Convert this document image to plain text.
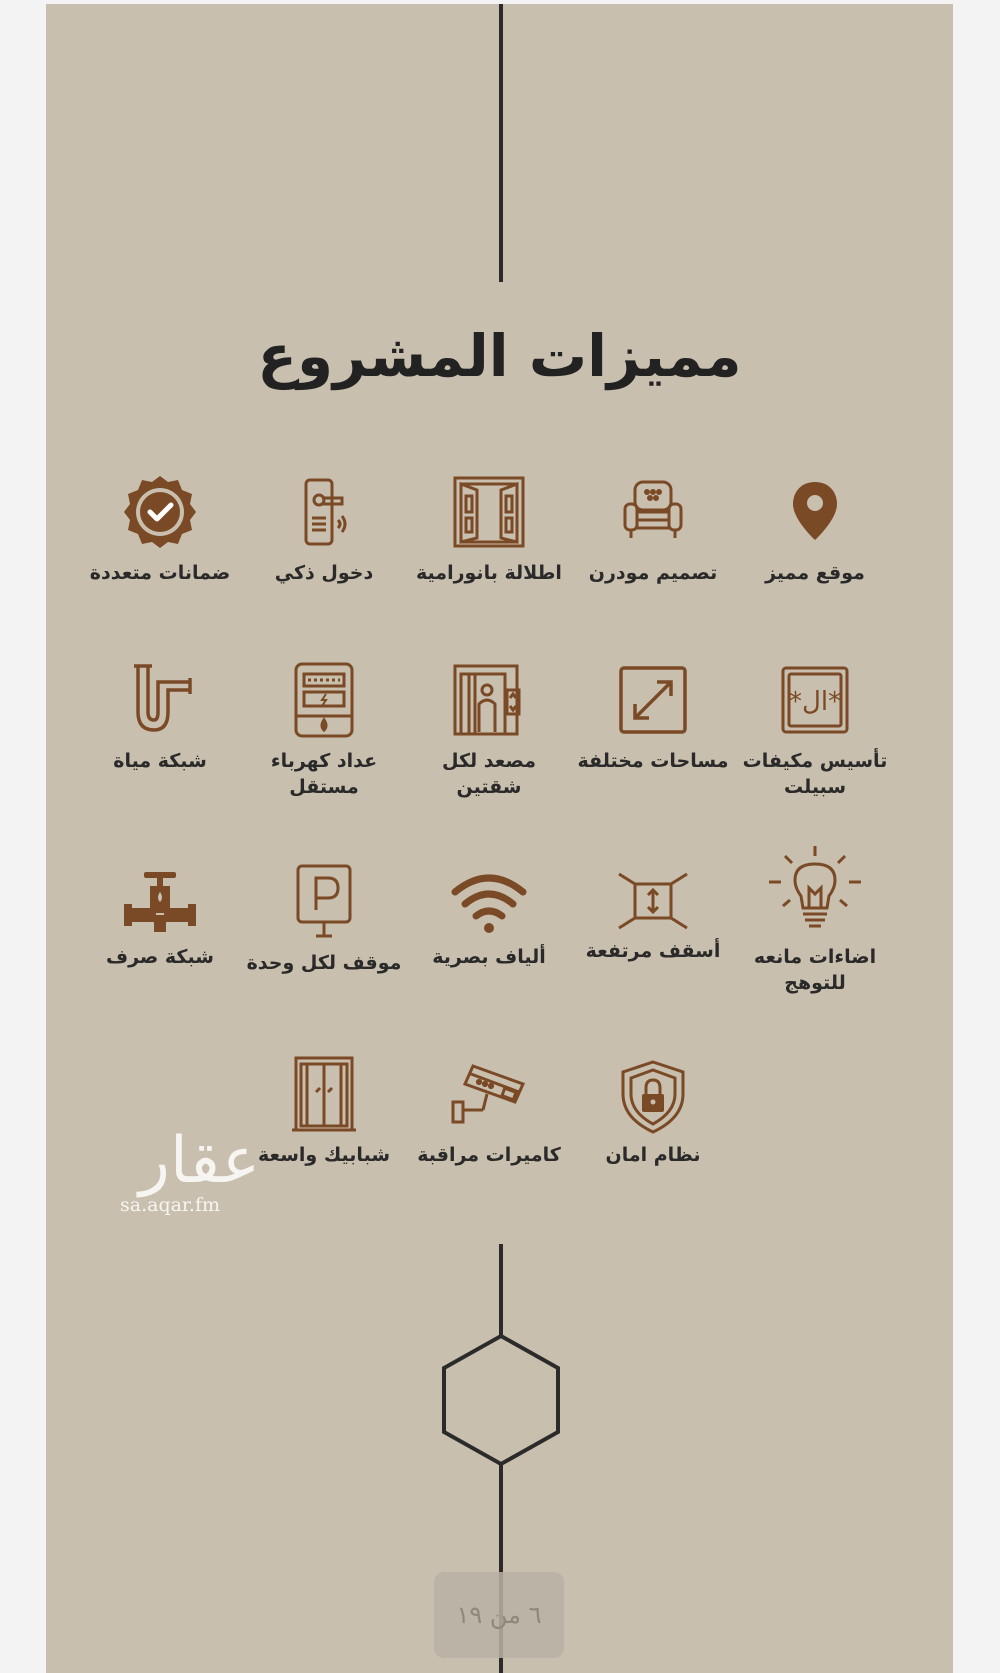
مميزات المشروع
موقع مميز
تصميم مودرن
اطلالة بانورامية
دخول ذكي
ضمانات متعددة
*ال*
تأسيس مكيفات سبيلت
مساحات مختلفة
مصعد لكل شقتين
عداد كهرباء مستقل
شبكة مياة
اضاءات مانعه للتوهج
أسقف مرتفعة
ألياف بصرية
موقف لكل وحدة
شبكة صرف
نظام امان
كاميرات مراقبة
شبابيك واسعة
عقار
sa.aqar.fm
٦ من ١٩
